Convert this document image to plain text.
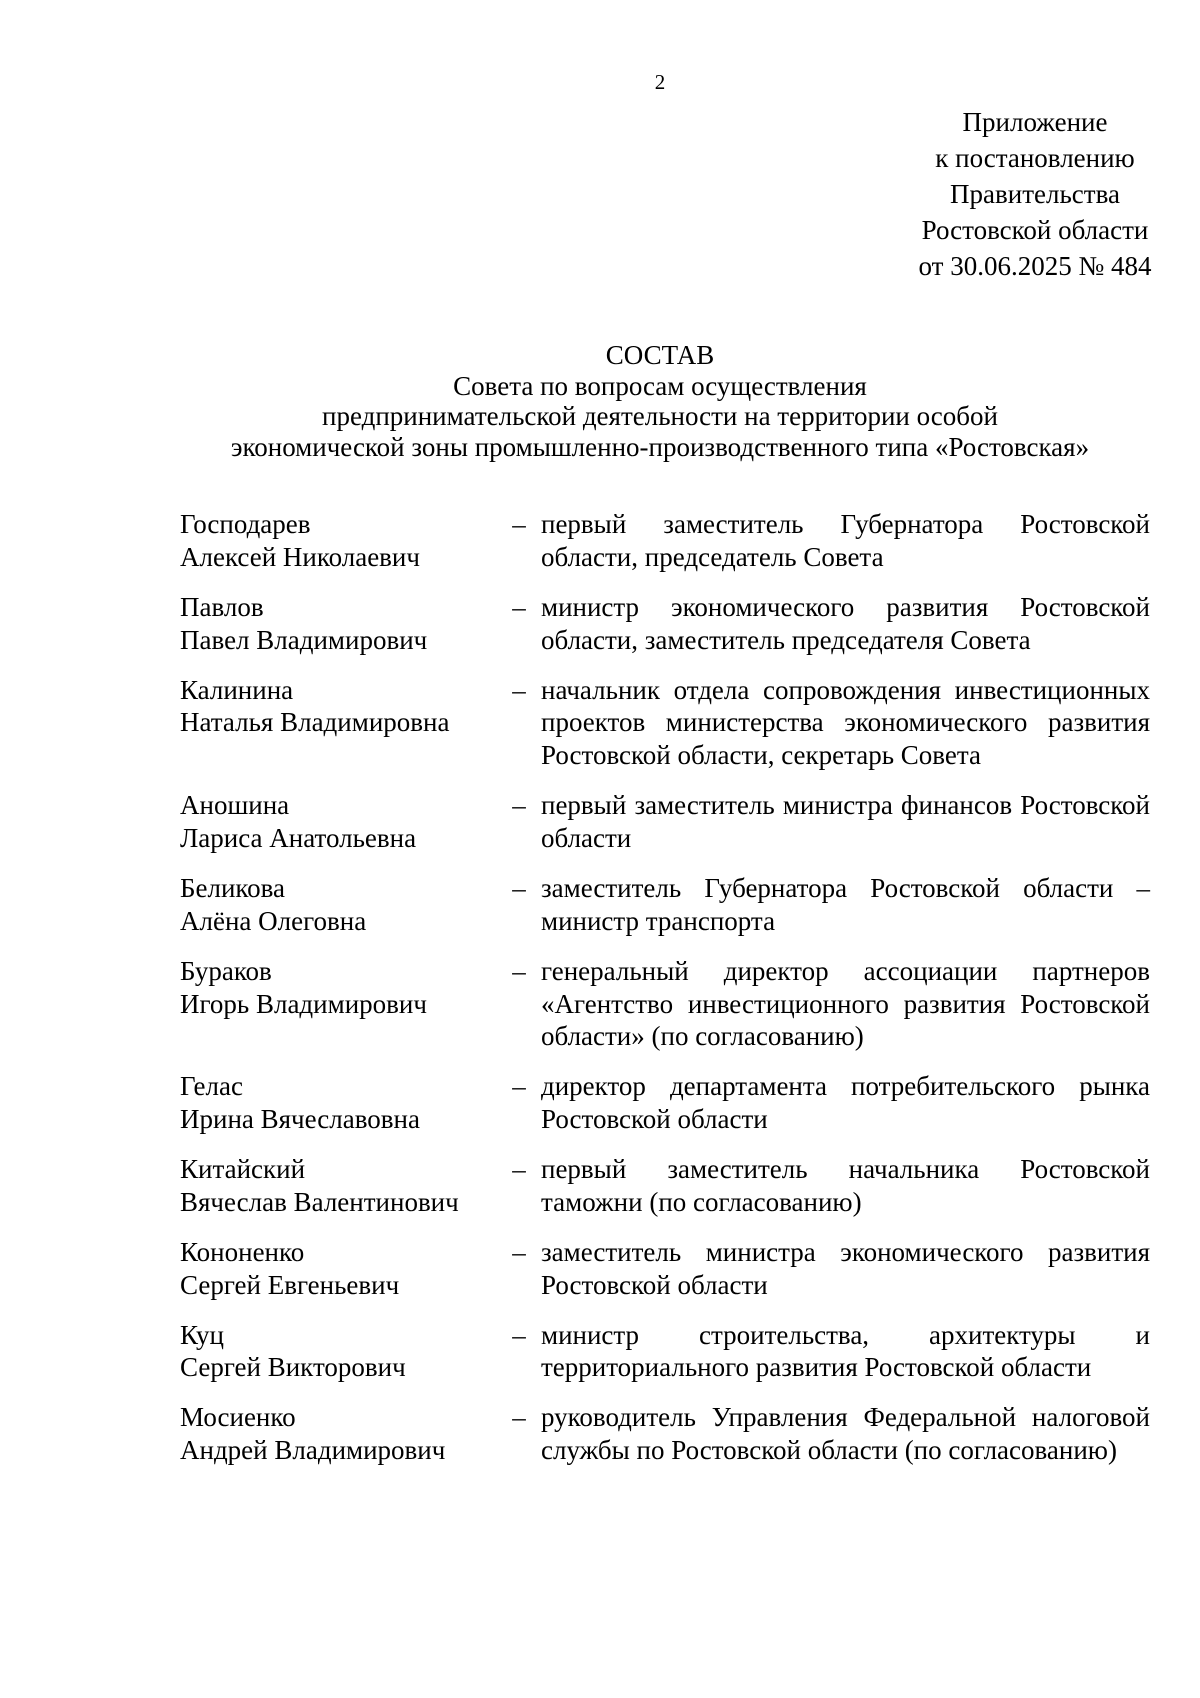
2
Приложение
к постановлению
Правительства
Ростовской области
от 30.06.2025 № 484
СОСТАВ
Совета по вопросам осуществления
предпринимательской деятельности на территории особой
экономической зоны промышленно-производственного типа «Ростовская»
Господарев
Алексей Николаевич
– первый заместитель Губернатора Ростовской области, председатель Совета
Павлов
Павел Владимирович
– министр экономического развития Ростовской области, заместитель председателя Совета
Калинина
Наталья Владимировна
– начальник отдела сопровождения инвестиционных проектов министерства экономического развития Ростовской области, секретарь Совета
Аношина
Лариса Анатольевна
– первый заместитель министра финансов Ростовской области
Беликова
Алёна Олеговна
– заместитель Губернатора Ростовской области – министр транспорта
Бураков
Игорь Владимирович
– генеральный директор ассоциации партнеров «Агентство инвестиционного развития Ростовской области» (по согласованию)
Гелас
Ирина Вячеславовна
– директор департамента потребительского рынка Ростовской области
Китайский
Вячеслав Валентинович
– первый заместитель начальника Ростовской таможни (по согласованию)
Кононенко
Сергей Евгеньевич
– заместитель министра экономического развития Ростовской области
Куц
Сергей Викторович
– министр строительства, архитектуры и территориального развития Ростовской области
Мосиенко
Андрей Владимирович
– руководитель Управления Федеральной налоговой службы по Ростовской области (по согласованию)
